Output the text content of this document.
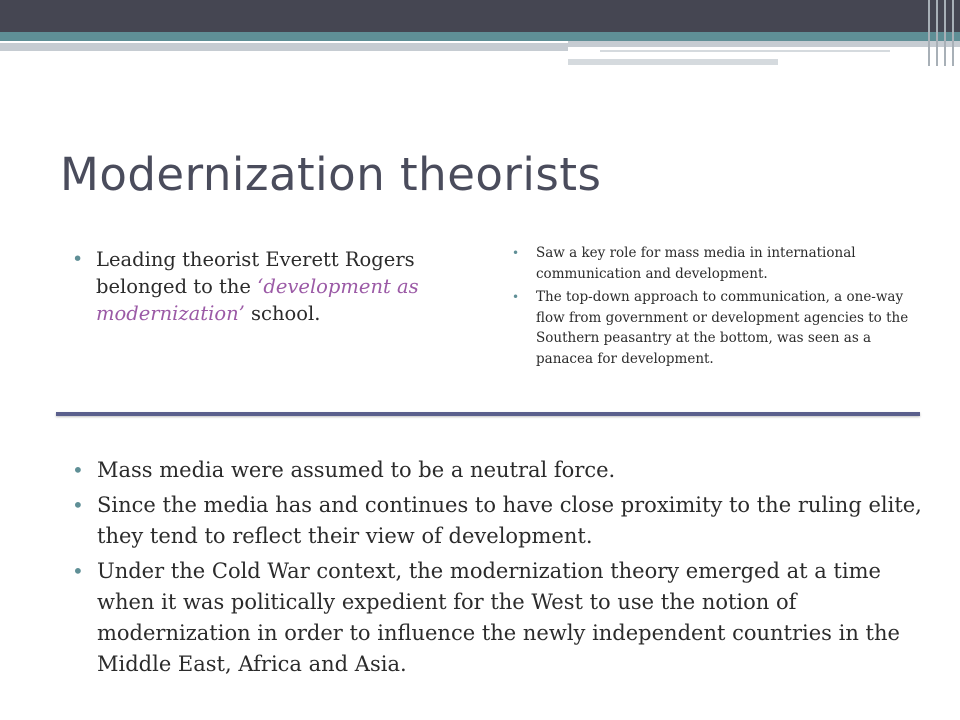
Modernization theorists
• Leading theorist Everett Rogers belonged to the ‘development as modernization’ school.
• Saw a key role for mass media in international communication and development.
• The top-down approach to communication, a one-way flow from government or development agencies to the Southern peasantry at the bottom, was seen as a panacea for development.
• Mass media were assumed to be a neutral force.
• Since the media has and continues to have close proximity to the ruling elite, they tend to reflect their view of development.
• Under the Cold War context, the modernization theory emerged at a time when it was politically expedient for the West to use the notion of modernization in order to influence the newly independent countries in the Middle East, Africa and Asia.
